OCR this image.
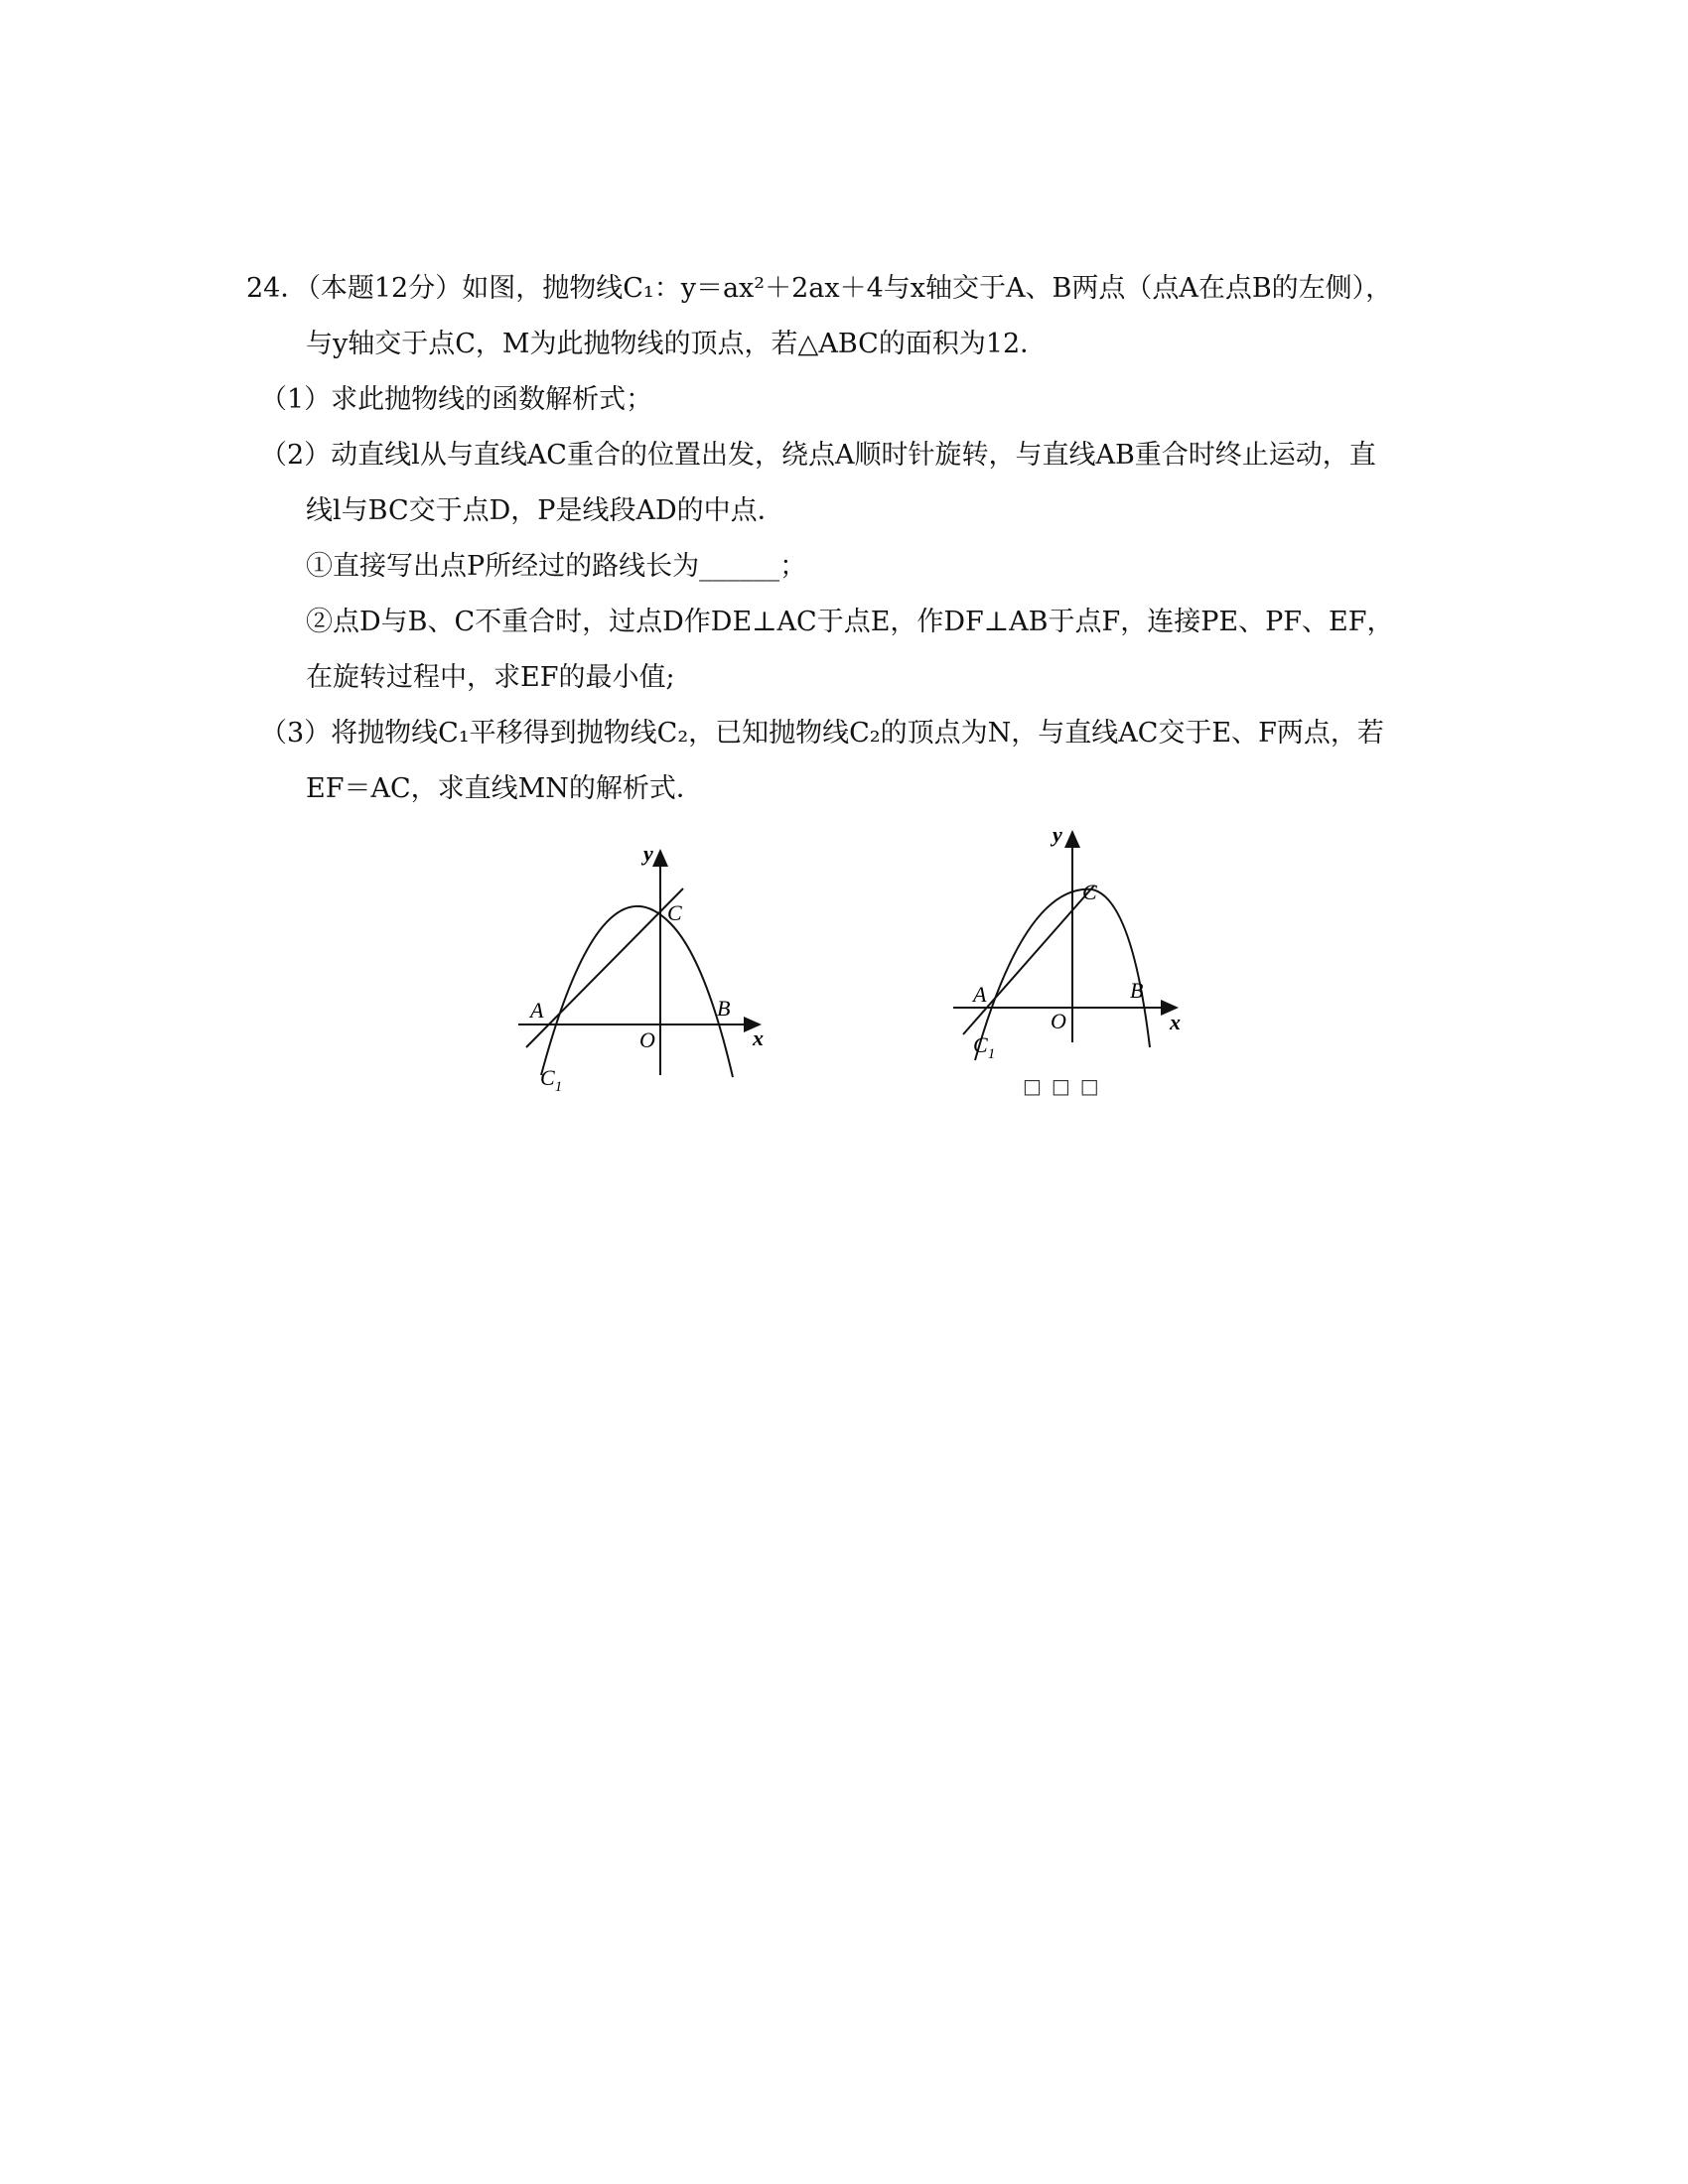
24．（本题12分）如图，抛物线C₁：y＝ax²＋2ax＋4与x轴交于A、B两点（点A在点B的左侧），
与y轴交于点C，M为此抛物线的顶点，若△ABC的面积为12．
（1）求此抛物线的函数解析式；
（2）动直线l从与直线AC重合的位置出发，绕点A顺时针旋转，与直线AB重合时终止运动，直
线l与BC交于点D，P是线段AD的中点．
①直接写出点P所经过的路线长为______；
②点D与B、C不重合时，过点D作DE⊥AC于点E，作DF⊥AB于点F，连接PE、PF、EF，
在旋转过程中，求EF的最小值;
（3）将抛物线C₁平移得到抛物线C₂，已知抛物线C₂的顶点为N，与直线AC交于E、F两点，若
EF＝AC，求直线MN的解析式．
y
C
A	B
O	x
$C_1$
y
C
A	B
O	x
$C_1$
□□□
